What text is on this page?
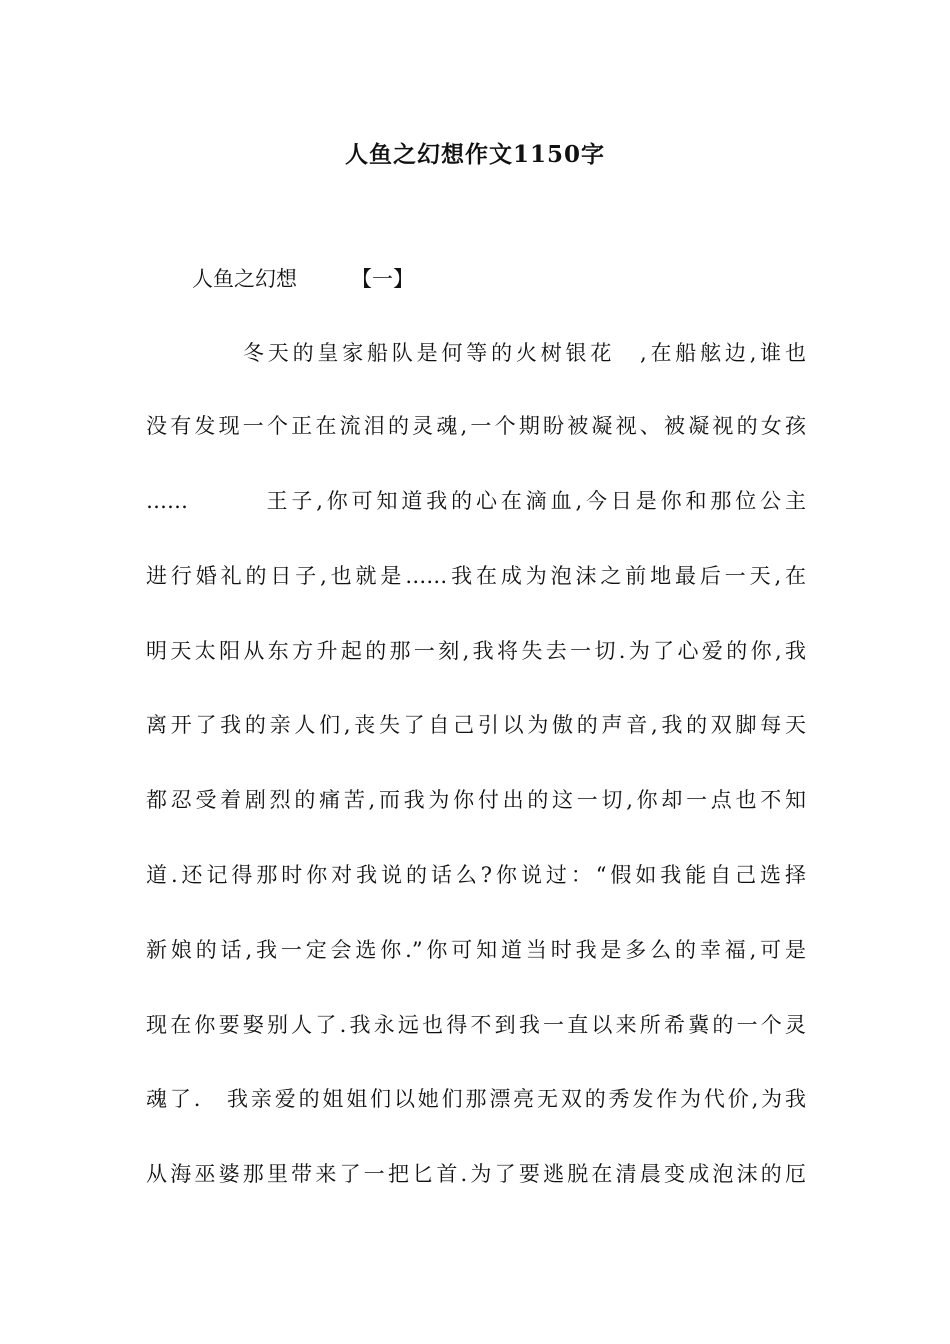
人鱼之幻想作文1150字
人鱼之幻想	【一】
冬天的皇家船队是何等的火树银花　,在船舷边,谁也
没有发现一个正在流泪的灵魂,一个期盼被凝视、被凝视的女孩
……　　　王子,你可知道我的心在滴血,今日是你和那位公主
进行婚礼的日子,也就是……我在成为泡沫之前地最后一天,在
明天太阳从东方升起的那一刻,我将失去一切.为了心爱的你,我
离开了我的亲人们,丧失了自己引以为傲的声音,我的双脚每天
都忍受着剧烈的痛苦,而我为你付出的这一切,你却一点也不知
道.还记得那时你对我说的话么?你说过：“假如我能自己选择
新娘的话,我一定会选你.”你可知道当时我是多么的幸福,可是
现在你要娶别人了.我永远也得不到我一直以来所希冀的一个灵
魂了.　我亲爱的姐姐们以她们那漂亮无双的秀发作为代价,为我
从海巫婆那里带来了一把匕首.为了要逃脱在清晨变成泡沫的厄
